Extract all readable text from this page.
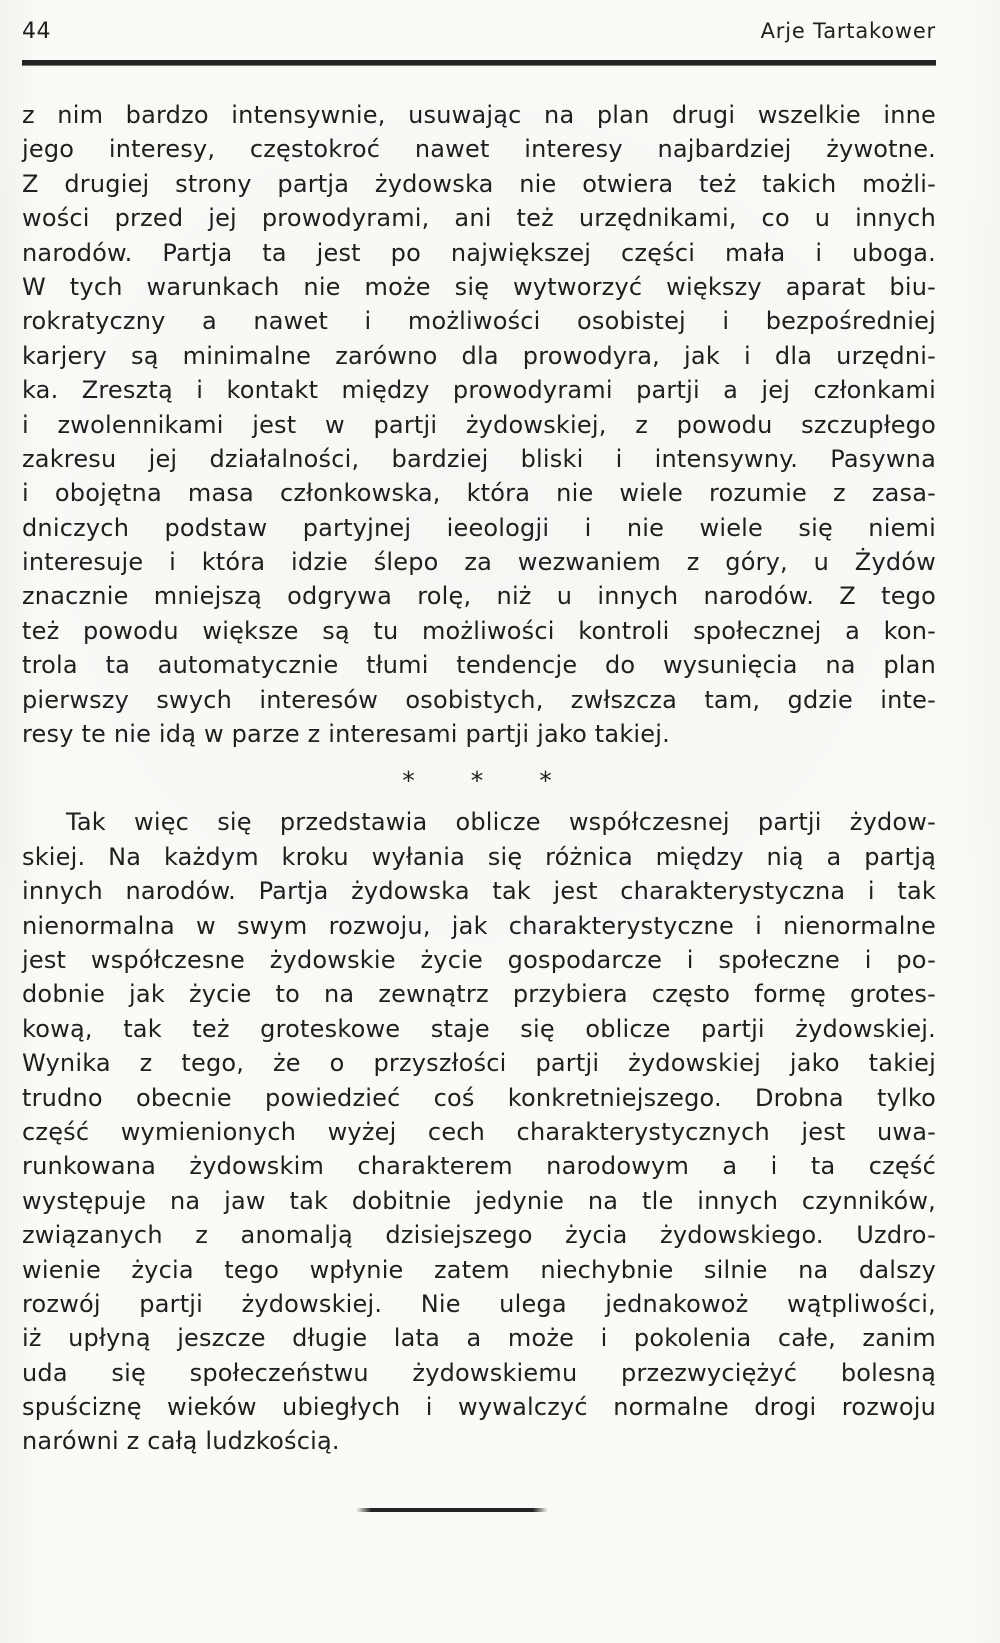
44	Arje Tartakower
z nim bardzo intensywnie, usuwając na plan drugi wszelkie inne
jego interesy, częstokroć nawet interesy najbardziej żywotne.
Z drugiej strony partja żydowska nie otwiera też takich możli-
wości przed jej prowodyrami, ani też urzędnikami, co u innych
narodów. Partja ta jest po największej części mała i uboga.
W tych warunkach nie może się wytworzyć większy aparat biu-
rokratyczny a nawet i możliwości osobistej i bezpośredniej
karjery są minimalne zarówno dla prowodyra, jak i dla urzędni-
ka. Zresztą i kontakt między prowodyrami partji a jej członkami
i zwolennikami jest w partji żydowskiej, z powodu szczupłego
zakresu jej działalności, bardziej bliski i intensywny. Pasywna
i obojętna masa członkowska, która nie wiele rozumie z zasa-
dniczych podstaw partyjnej ieeologji i nie wiele się niemi
interesuje i która idzie ślepo za wezwaniem z góry, u Żydów
znacznie mniejszą odgrywa rolę, niż u innych narodów. Z tego
też powodu większe są tu możliwości kontroli społecznej a kon-
trola ta automatycznie tłumi tendencje do wysunięcia na plan
pierwszy swych interesów osobistych, zwłszcza tam, gdzie inte-
resy te nie idą w parze z interesami partji jako takiej.
* * *
Tak więc się przedstawia oblicze współczesnej partji żydow-
skiej. Na każdym kroku wyłania się różnica między nią a partją
innych narodów. Partja żydowska tak jest charakterystyczna i tak
nienormalna w swym rozwoju, jak charakterystyczne i nienormalne
jest współczesne żydowskie życie gospodarcze i społeczne i po-
dobnie jak życie to na zewnątrz przybiera często formę grotes-
kową, tak też groteskowe staje się oblicze partji żydowskiej.
Wynika z tego, że o przyszłości partji żydowskiej jako takiej
trudno obecnie powiedzieć coś konkretniejszego. Drobna tylko
część wymienionych wyżej cech charakterystycznych jest uwa-
runkowana żydowskim charakterem narodowym a i ta część
występuje na jaw tak dobitnie jedynie na tle innych czynników,
związanych z anomalją dzisiejszego życia żydowskiego. Uzdro-
wienie życia tego wpłynie zatem niechybnie silnie na dalszy
rozwój partji żydowskiej. Nie ulega jednakowoż wątpliwości,
iż upłyną jeszcze długie lata a może i pokolenia całe, zanim
uda się społeczeństwu żydowskiemu przezwyciężyć bolesną
spuściznę wieków ubiegłych i wywalczyć normalne drogi rozwoju
narówni z całą ludzkością.
